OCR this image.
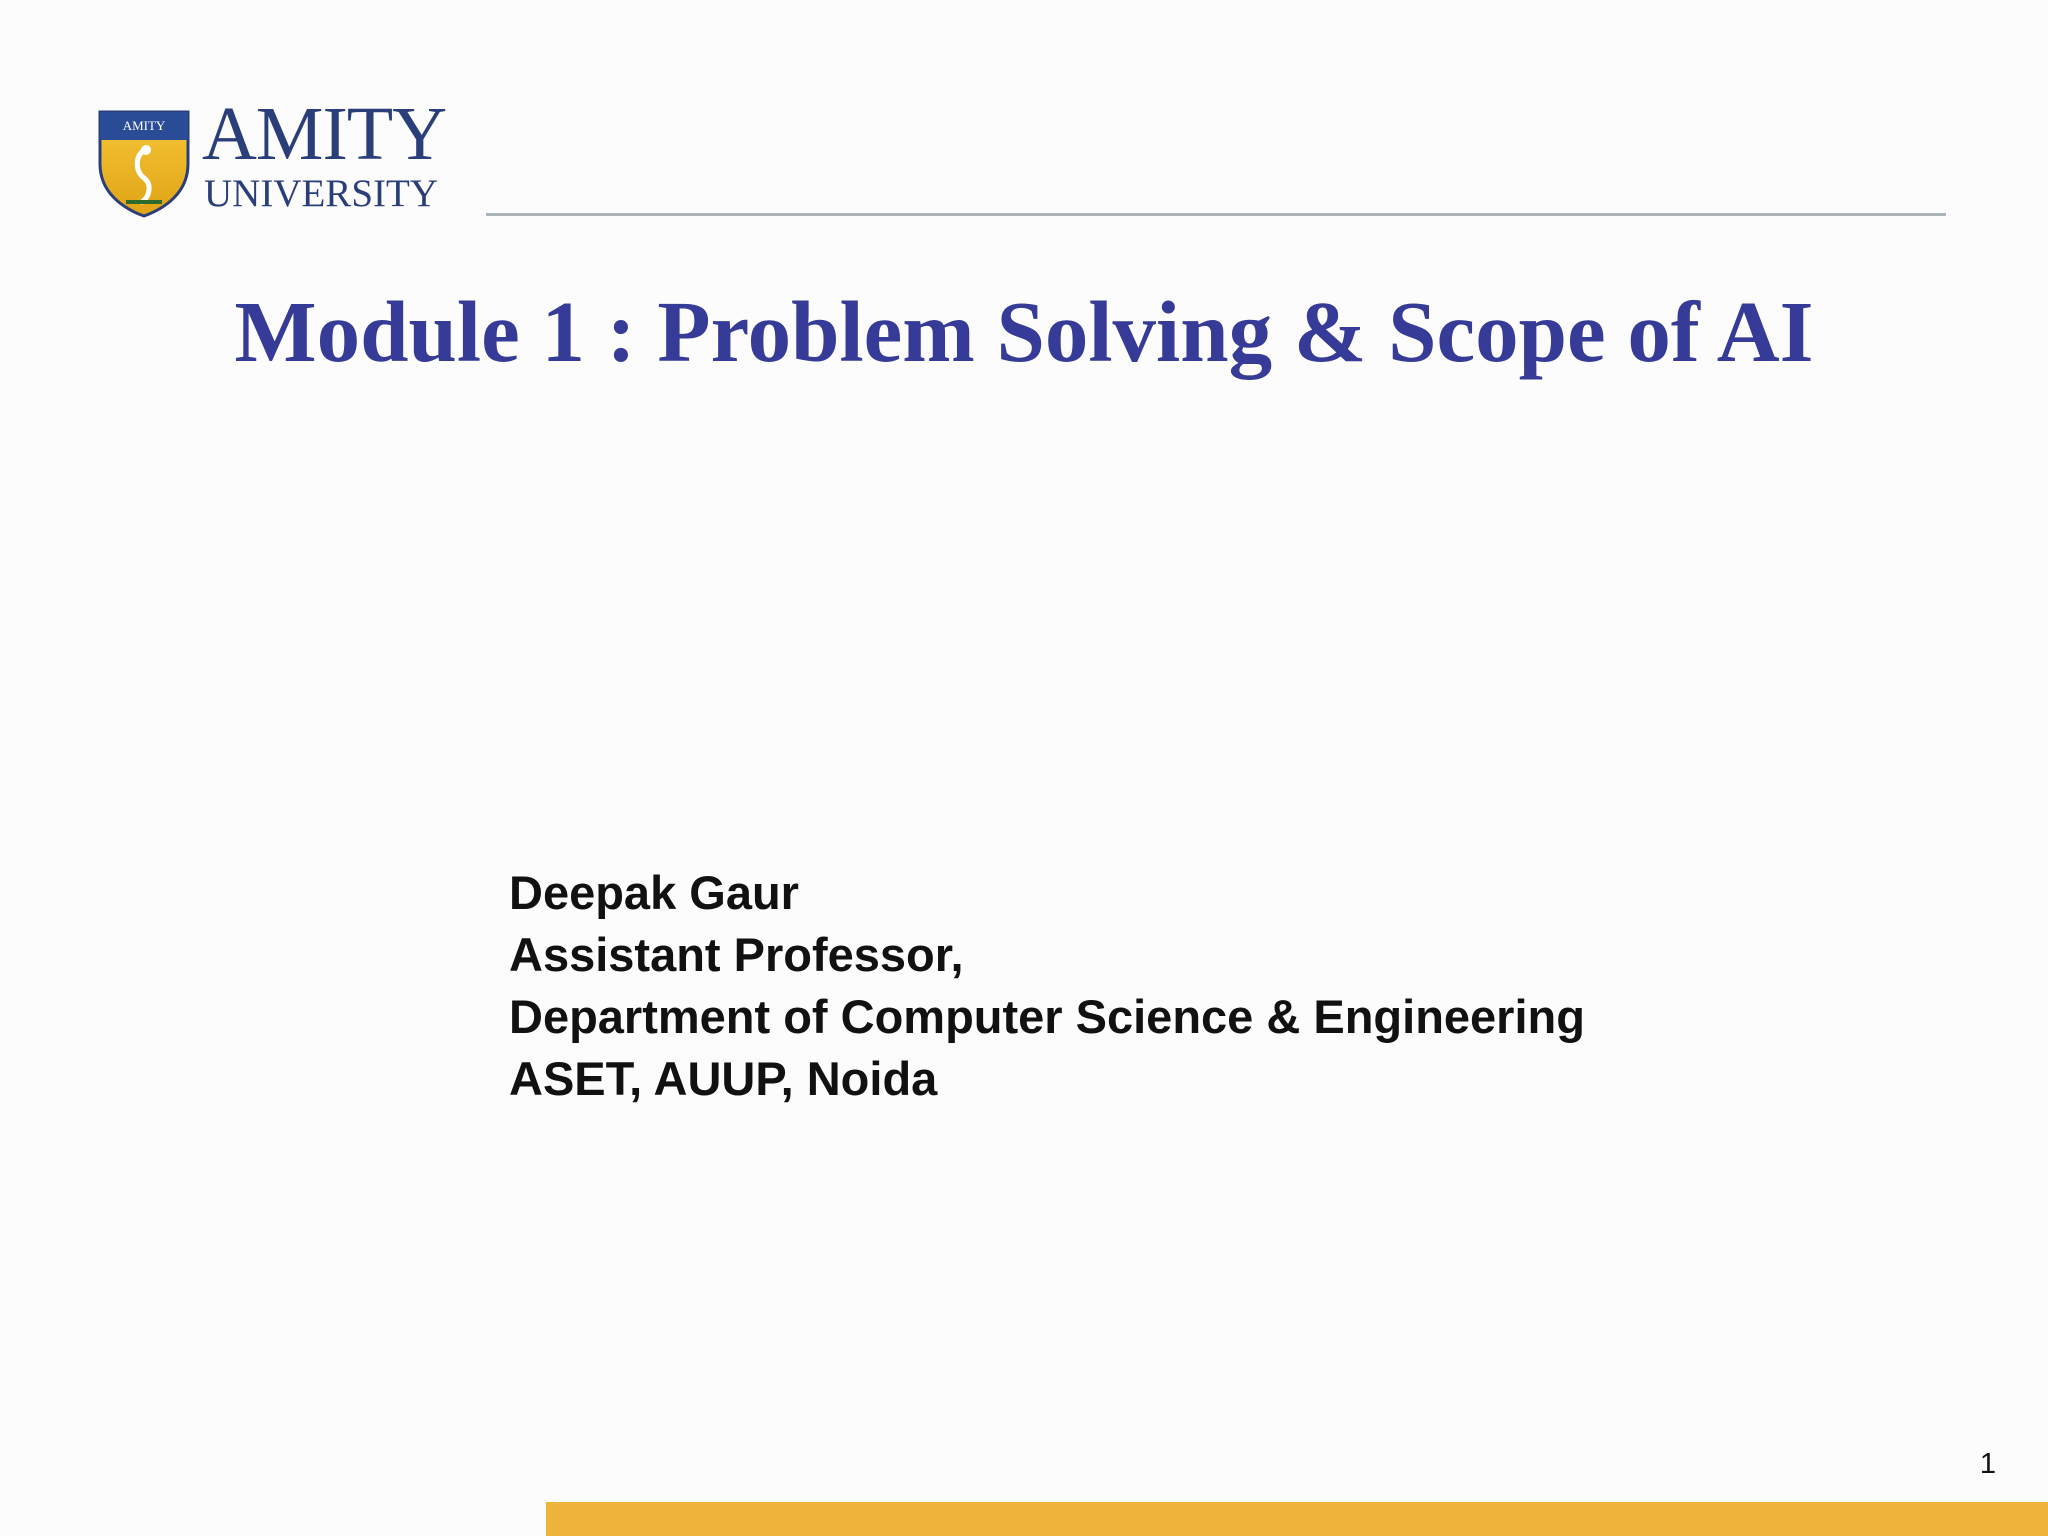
AMITY AMITY
UNIVERSITY
Module 1 : Problem Solving & Scope of AI
Deepak Gaur
Assistant Professor,
Department of Computer Science & Engineering
ASET, AUUP, Noida
1
